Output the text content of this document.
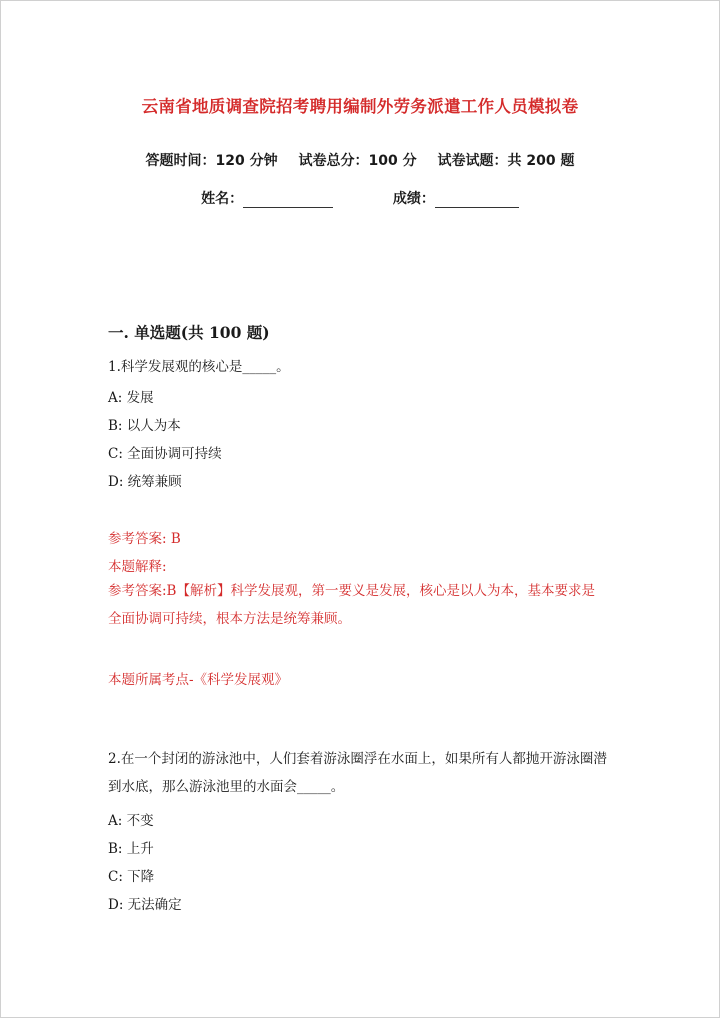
云南省地质调查院招考聘用编制外劳务派遣工作人员模拟卷
答题时间：120 分钟 试卷总分：100 分 试卷试题：共 200 题
姓名：	成绩：
一. 单选题(共 100 题)
1.科学发展观的核心是_____。
A: 发展
B: 以人为本
C: 全面协调可持续
D: 统筹兼顾
参考答案: B
本题解释:
参考答案:B【解析】科学发展观，第一要义是发展，核心是以人为本，基本要求是全面协调可持续，根本方法是统筹兼顾。
本题所属考点-《科学发展观》
2.在一个封闭的游泳池中，人们套着游泳圈浮在水面上，如果所有人都抛开游泳圈潜到水底，那么游泳池里的水面会_____。
A: 不变
B: 上升
C: 下降
D: 无法确定
